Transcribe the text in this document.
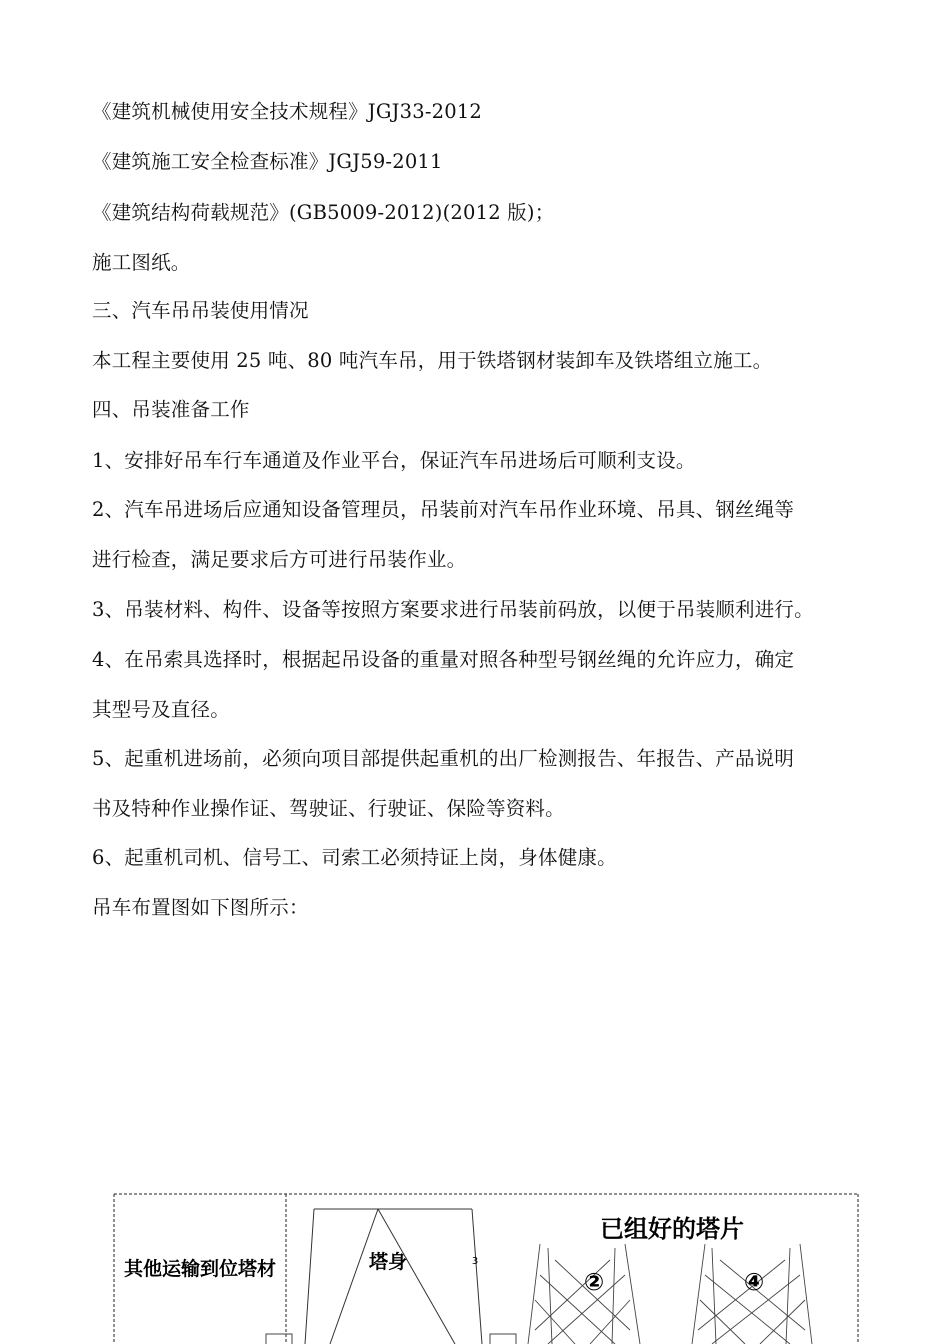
《建筑机械使用安全技术规程》JGJ33-2012
《建筑施工安全检查标准》JGJ59-2011
《建筑结构荷载规范》(GB5009-2012)(2012 版)；
施工图纸。
三、汽车吊吊装使用情况
本工程主要使用 25 吨、80 吨汽车吊，用于铁塔钢材装卸车及铁塔组立施工。
四、吊装准备工作
1、安排好吊车行车通道及作业平台，保证汽车吊进场后可顺利支设。
2、汽车吊进场后应通知设备管理员，吊装前对汽车吊作业环境、吊具、钢丝绳等
进行检查，满足要求后方可进行吊装作业。
3、吊装材料、构件、设备等按照方案要求进行吊装前码放，以便于吊装顺利进行。
4、在吊索具选择时，根据起吊设备的重量对照各种型号钢丝绳的允许应力，确定
其型号及直径。
5、起重机进场前，必须向项目部提供起重机的出厂检测报告、年报告、产品说明
书及特种作业操作证、驾驶证、行驶证、保险等资料。
6、起重机司机、信号工、司索工必须持证上岗，身体健康。
吊车布置图如下图所示：
其他运输到位塔材	塔身	3
已组好的塔片
②	④
